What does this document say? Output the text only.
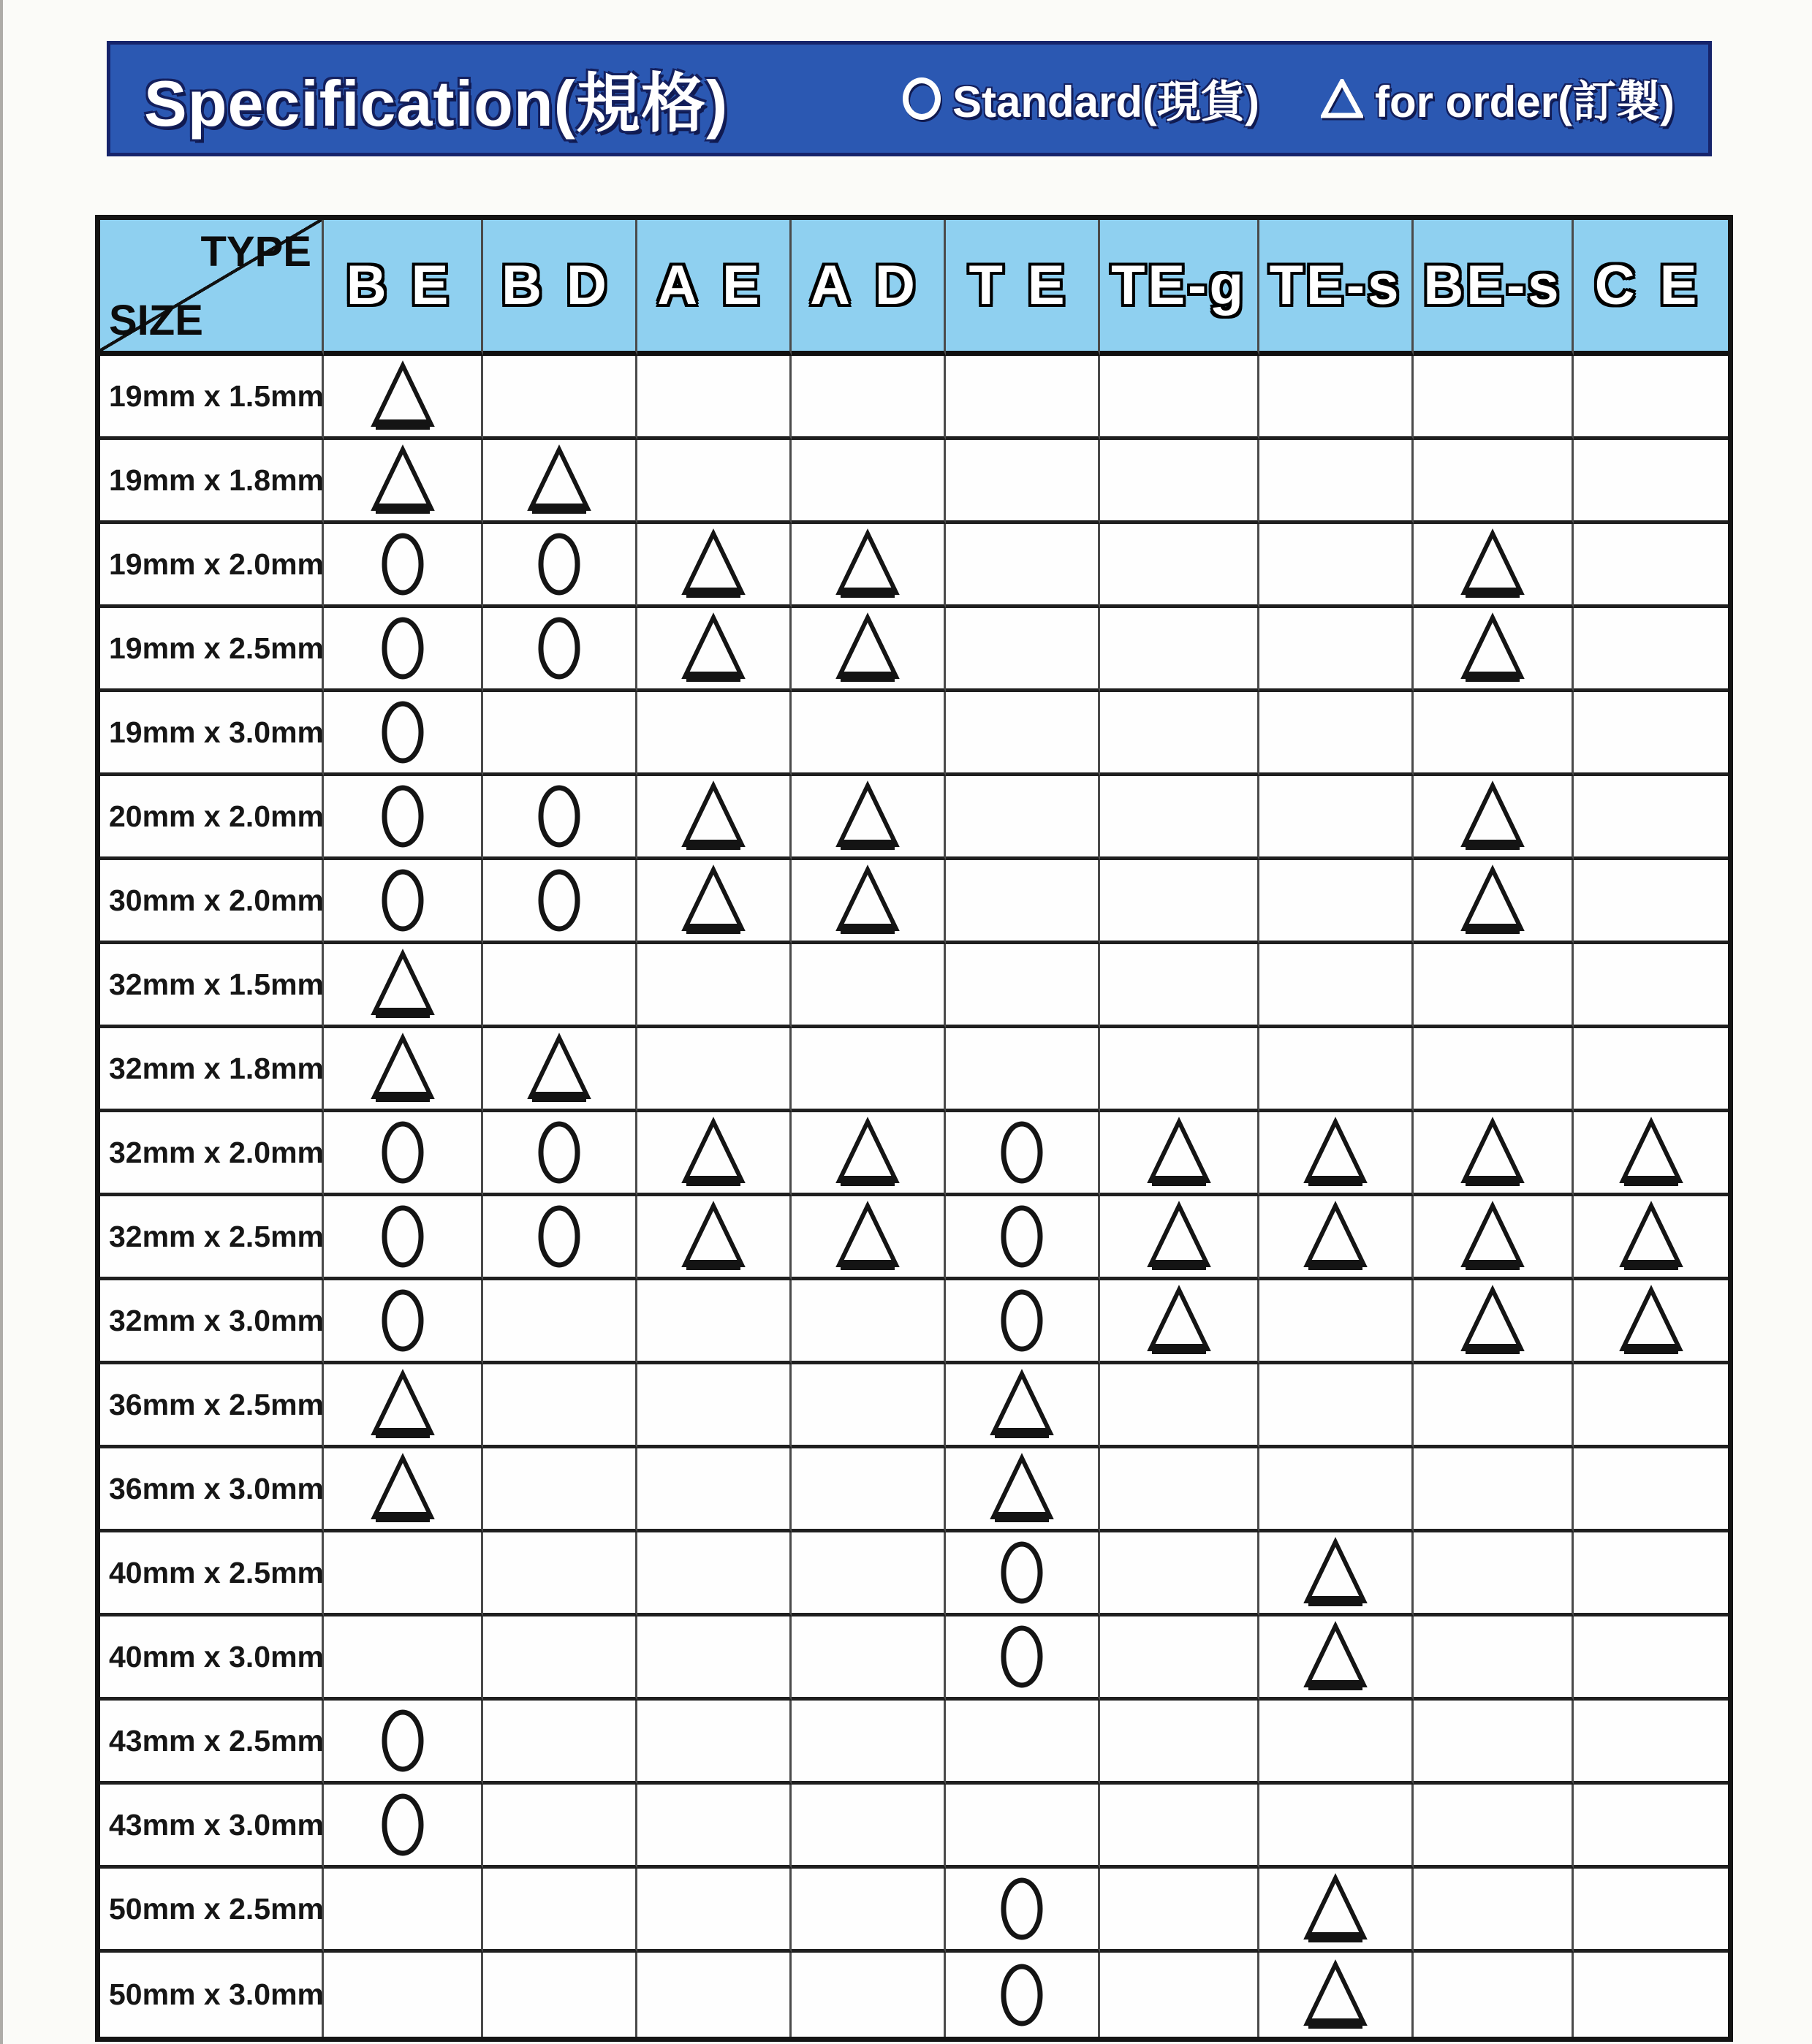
Specification(規格)	Standard(現貨)	for order(訂製)
TYPE
SIZE
BE BD AE AD TE TE-g TE-s BE-s CE
19mm x 1.5mm
19mm x 1.8mm
19mm x 2.0mm
19mm x 2.5mm
19mm x 3.0mm
20mm x 2.0mm
30mm x 2.0mm
32mm x 1.5mm
32mm x 1.8mm
32mm x 2.0mm
32mm x 2.5mm
32mm x 3.0mm
36mm x 2.5mm
36mm x 3.0mm
40mm x 2.5mm
40mm x 3.0mm
43mm x 2.5mm
43mm x 3.0mm
50mm x 2.5mm
50mm x 3.0mm
